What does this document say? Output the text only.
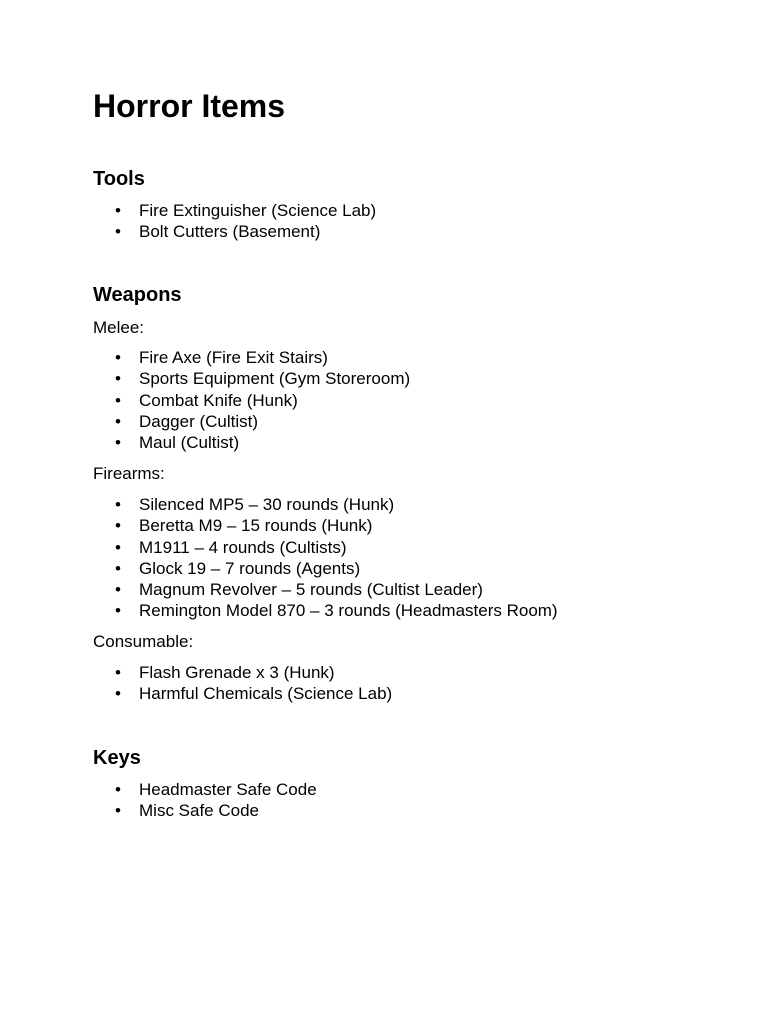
Horror Items
Tools
• Fire Extinguisher (Science Lab)
• Bolt Cutters (Basement)
Weapons

Melee:

• Fire Axe (Fire Exit Stairs)
• Sports Equipment (Gym Storeroom)
• Combat Knife (Hunk)
• Dagger (Cultist)
• Maul (Cultist)

Firearms:

• Silenced MP5 – 30 rounds (Hunk)
• Beretta M9 – 15 rounds (Hunk)
• M1911 – 4 rounds (Cultists)
• Glock 19 – 7 rounds (Agents)
• Magnum Revolver – 5 rounds (Cultist Leader)
• Remington Model 870 – 3 rounds (Headmasters Room)

Consumable:

• Flash Grenade x 3 (Hunk)
• Harmful Chemicals (Science Lab)
Keys
• Headmaster Safe Code
• Misc Safe Code
